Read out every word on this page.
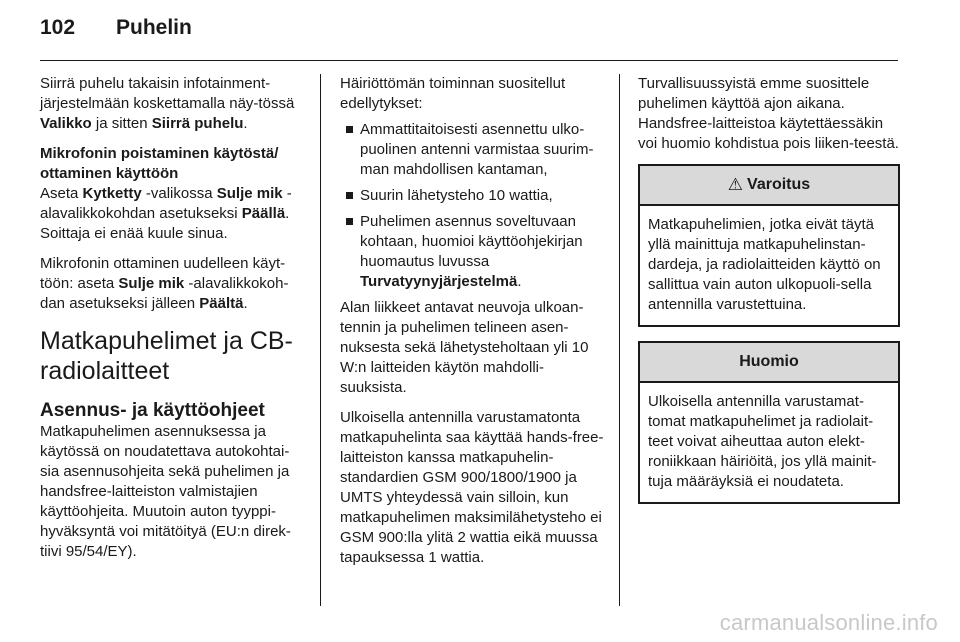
102	Puhelin

Siirrä puhelu takaisin infotainment-järjestelmään koskettamalla näy-tössä Valikko ja sitten Siirrä puhelu.

Mikrofonin poistaminen käytöstä/ ottaminen käyttöön

Aseta Kytketty -valikossa Sulje mik -alavalikkokohdan asetukseksi Päällä. Soittaja ei enää kuule sinua.

Mikrofonin ottaminen uudelleen käyt-töön: aseta Sulje mik -alavalikkokoh-dan asetukseksi jälleen Päältä.

Matkapuhelimet ja CB-radiolaitteet
Asennus- ja käyttöohjeet

Matkapuhelimen asennuksessa ja käytössä on noudatettava autokohtai-sia asennusohjeita sekä puhelimen ja handsfree-laitteiston valmistajien käyttöohjeita. Muutoin auton tyyppi-hyväksyntä voi mitätöityä (EU:n direk-tiivi 95/54/EY).

Häiriöttömän toiminnan suositellut edellytykset:

Ammattitaitoisesti asennettu ulko-puolinen antenni varmistaa suurim-man mahdollisen kantaman,
Suurin lähetysteho 10 wattia,
Puhelimen asennus soveltuvaan kohtaan, huomioi käyttöohjekirjan huomautus luvussa Turvatyynyjärjestelmä.

Alan liikkeet antavat neuvoja ulkoan-tennin ja puhelimen telineen asen-nuksesta sekä lähetysteholtaan yli 10 W:n laitteiden käytön mahdolli-suuksista.

Ulkoisella antennilla varustamatonta matkapuhelinta saa käyttää hands-free-laitteiston kanssa matkapuhelin-standardien GSM 900/1800/1900 ja UMTS yhteydessä vain silloin, kun matkapuhelimen maksimilähetysteho ei GSM 900:lla ylitä 2 wattia eikä muussa tapauksessa 1 wattia.

Turvallisuussyistä emme suosittele puhelimen käyttöä ajon aikana. Handsfree-laitteistoa käytettäessäkin voi huomio kohdistua pois liiken-teestä.

⚠ Varoitus
Matkapuhelimien, jotka eivät täytä yllä mainittuja matkapuhelinstan-dardeja, ja radiolaitteiden käyttö on sallittua vain auton ulkopuoli-sella antennilla varustettuina.
Huomio
Ulkoisella antennilla varustamat-tomat matkapuhelimet ja radiolait-teet voivat aiheuttaa auton elekt-roniikkaan häiriöitä, jos yllä mainit-tuja määräyksiä ei noudateta.
carmanualsonline.info
